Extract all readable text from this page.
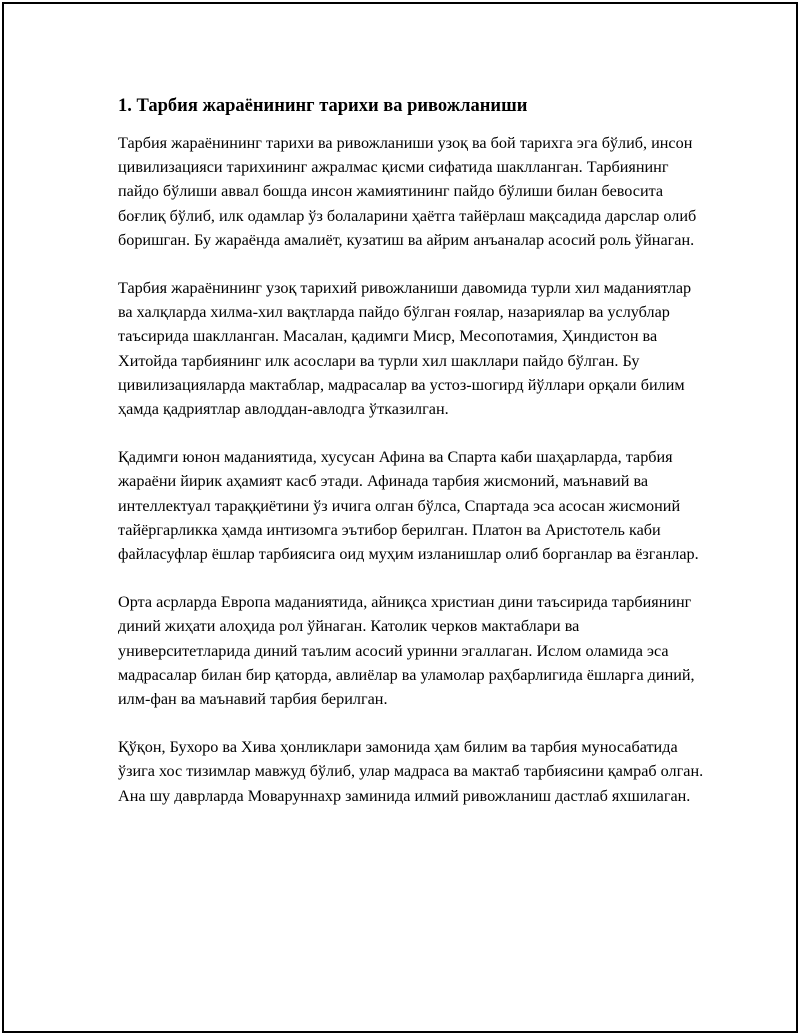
1. Тарбия жараёнининг тарихи ва ривожланиши

Тарбия жараёнининг тарихи ва ривожланиши узоқ ва бой тарихга эга бўлиб, инсон цивилизацияси тарихининг ажралмас қисми сифатида шаклланган. Тарбиянинг пайдо бўлиши аввал бошда инсон жамиятининг пайдо бўлиши билан бевосита боғлиқ бўлиб, илк одамлар ўз болаларини ҳаётга тайёрлаш мақсадида дарслар олиб боришган. Бу жараёнда амалиёт, кузатиш ва айрим анъаналар асосий роль ўйнаган.

Тарбия жараёнининг узоқ тарихий ривожланиши давомида турли хил маданиятлар ва халқларда хилма-хил вақтларда пайдо бўлган ғоялар, назариялар ва услублар таъсирида шаклланган. Масалан, қадимги Миср, Месопотамия, Ҳиндистон ва Хитойда тарбиянинг илк асослари ва турли хил шакллари пайдо бўлган. Бу цивилизацияларда мактаблар, мадрасалар ва устоз-шогирд йўллари орқали билим ҳамда қадриятлар авлоддан-авлодга ўтказилган.

Қадимги юнон маданиятида, хусусан Афина ва Спарта каби шаҳарларда, тарбия жараёни йирик аҳамият касб этади. Афинада тарбия жисмоний, маънавий ва интеллектуал тараққиётини ўз ичига олган бўлса, Спартада эса асосан жисмоний тайёргарликка ҳамда интизомга эътибор берилган. Платон ва Аристотель каби файласуфлар ёшлар тарбиясига оид муҳим изланишлар олиб борганлар ва ёзганлар.

Орта асрларда Европа маданиятида, айниқса христиан дини таъсирида тарбиянинг диний жиҳати алоҳида рол ўйнаган. Католик черков мактаблари ва университетларида диний таълим асосий уринни эгаллаган. Ислом оламида эса мадрасалар билан бир қаторда, авлиёлар ва уламолар раҳбарлигида ёшларга диний, илм-фан ва маънавий тарбия берилган.

Қўқон, Бухоро ва Хива ҳонликлари замонида ҳам билим ва тарбия муносабатида ўзига хос тизимлар мавжуд бўлиб, улар мадраса ва мактаб тарбиясини қамраб олган. Ана шу даврларда Моваруннахр заминида илмий ривожланиш дастлаб яхшилаган.
